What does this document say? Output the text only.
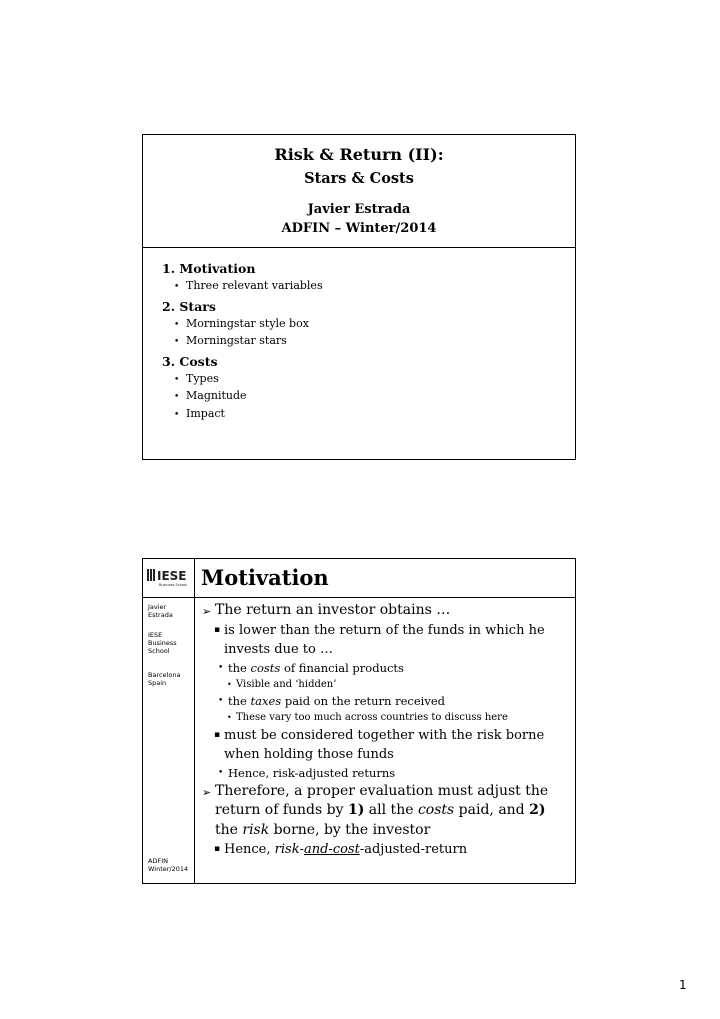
Risk & Return (II):
Stars & Costs
Javier Estrada
ADFIN – Winter/2014
1. Motivation
• Three relevant variables
2. Stars
• Morningstar style box
• Morningstar stars
3. Costs
• Types
• Magnitude
• Impact
IESE
Business School Motivation
Javier
Estrada
IESE
Business
School
Barcelona
Spain
ADFIN
Winter/2014
➢ The return an investor obtains …
▪ is lower than the return of the funds in which he
invests due to …
• the costs of financial products
• Visible and ‘hidden’
• the taxes paid on the return received
• These vary too much across countries to discuss here
▪ must be considered together with the risk borne
when holding those funds
• Hence, risk-adjusted returns
➢ Therefore, a proper evaluation must adjust the
return of funds by 1) all the costs paid, and 2)
the risk borne, by the investor
▪ Hence, risk-and-cost-adjusted-return
1
